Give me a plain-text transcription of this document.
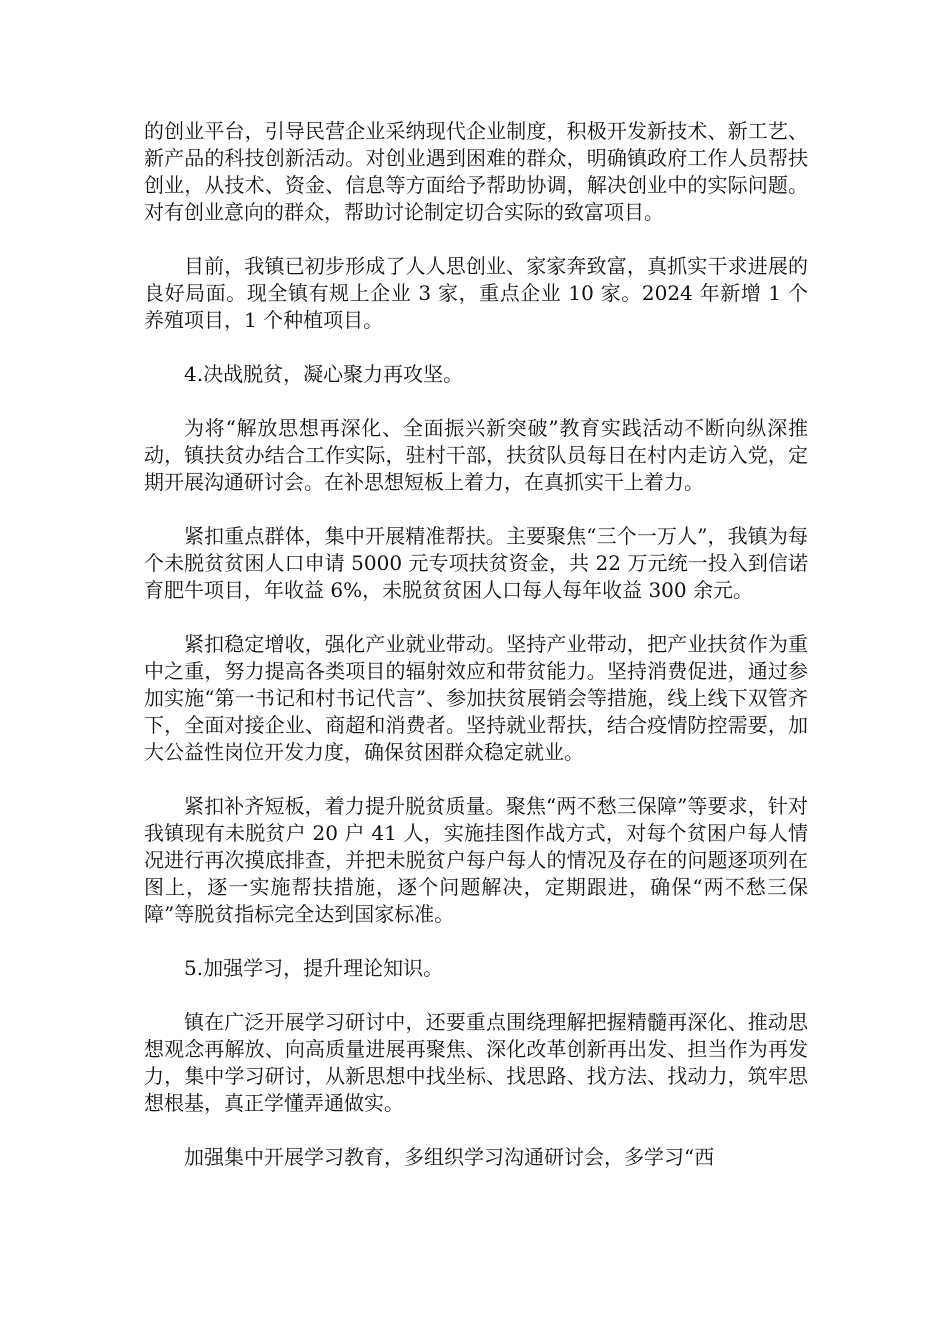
的创业平台，引导民营企业采纳现代企业制度，积极开发新技术、新工艺、新产品的科技创新活动。对创业遇到困难的群众，明确镇政府工作人员帮扶创业，从技术、资金、信息等方面给予帮助协调，解决创业中的实际问题。对有创业意向的群众，帮助讨论制定切合实际的致富项目。

目前，我镇已初步形成了人人思创业、家家奔致富，真抓实干求进展的良好局面。现全镇有规上企业 3 家，重点企业 10 家。2024 年新增 1 个养殖项目，1 个种植项目。

4.决战脱贫，凝心聚力再攻坚。

为将“解放思想再深化、全面振兴新突破”教育实践活动不断向纵深推动，镇扶贫办结合工作实际，驻村干部，扶贫队员每日在村内走访入党，定期开展沟通研讨会。在补思想短板上着力，在真抓实干上着力。

紧扣重点群体，集中开展精准帮扶。主要聚焦“三个一万人”，我镇为每个未脱贫贫困人口申请 5000 元专项扶贫资金，共 22 万元统一投入到信诺育肥牛项目，年收益 6%，未脱贫贫困人口每人每年收益 300 余元。

紧扣稳定增收，强化产业就业带动。坚持产业带动，把产业扶贫作为重中之重，努力提高各类项目的辐射效应和带贫能力。坚持消费促进，通过参加实施“第一书记和村书记代言”、参加扶贫展销会等措施，线上线下双管齐下，全面对接企业、商超和消费者。坚持就业帮扶，结合疫情防控需要，加大公益性岗位开发力度，确保贫困群众稳定就业。

紧扣补齐短板，着力提升脱贫质量。聚焦“两不愁三保障”等要求，针对我镇现有未脱贫户 20 户 41 人，实施挂图作战方式，对每个贫困户每人情况进行再次摸底排查，并把未脱贫户每户每人的情况及存在的问题逐项列在图上，逐一实施帮扶措施，逐个问题解决，定期跟进，确保“两不愁三保障”等脱贫指标完全达到国家标准。

5.加强学习，提升理论知识。

镇在广泛开展学习研讨中，还要重点围绕理解把握精髓再深化、推动思想观念再解放、向高质量进展再聚焦、深化改革创新再出发、担当作为再发力，集中学习研讨，从新思想中找坐标、找思路、找方法、找动力，筑牢思想根基，真正学懂弄通做实。

加强集中开展学习教育，多组织学习沟通研讨会，多学习“西
